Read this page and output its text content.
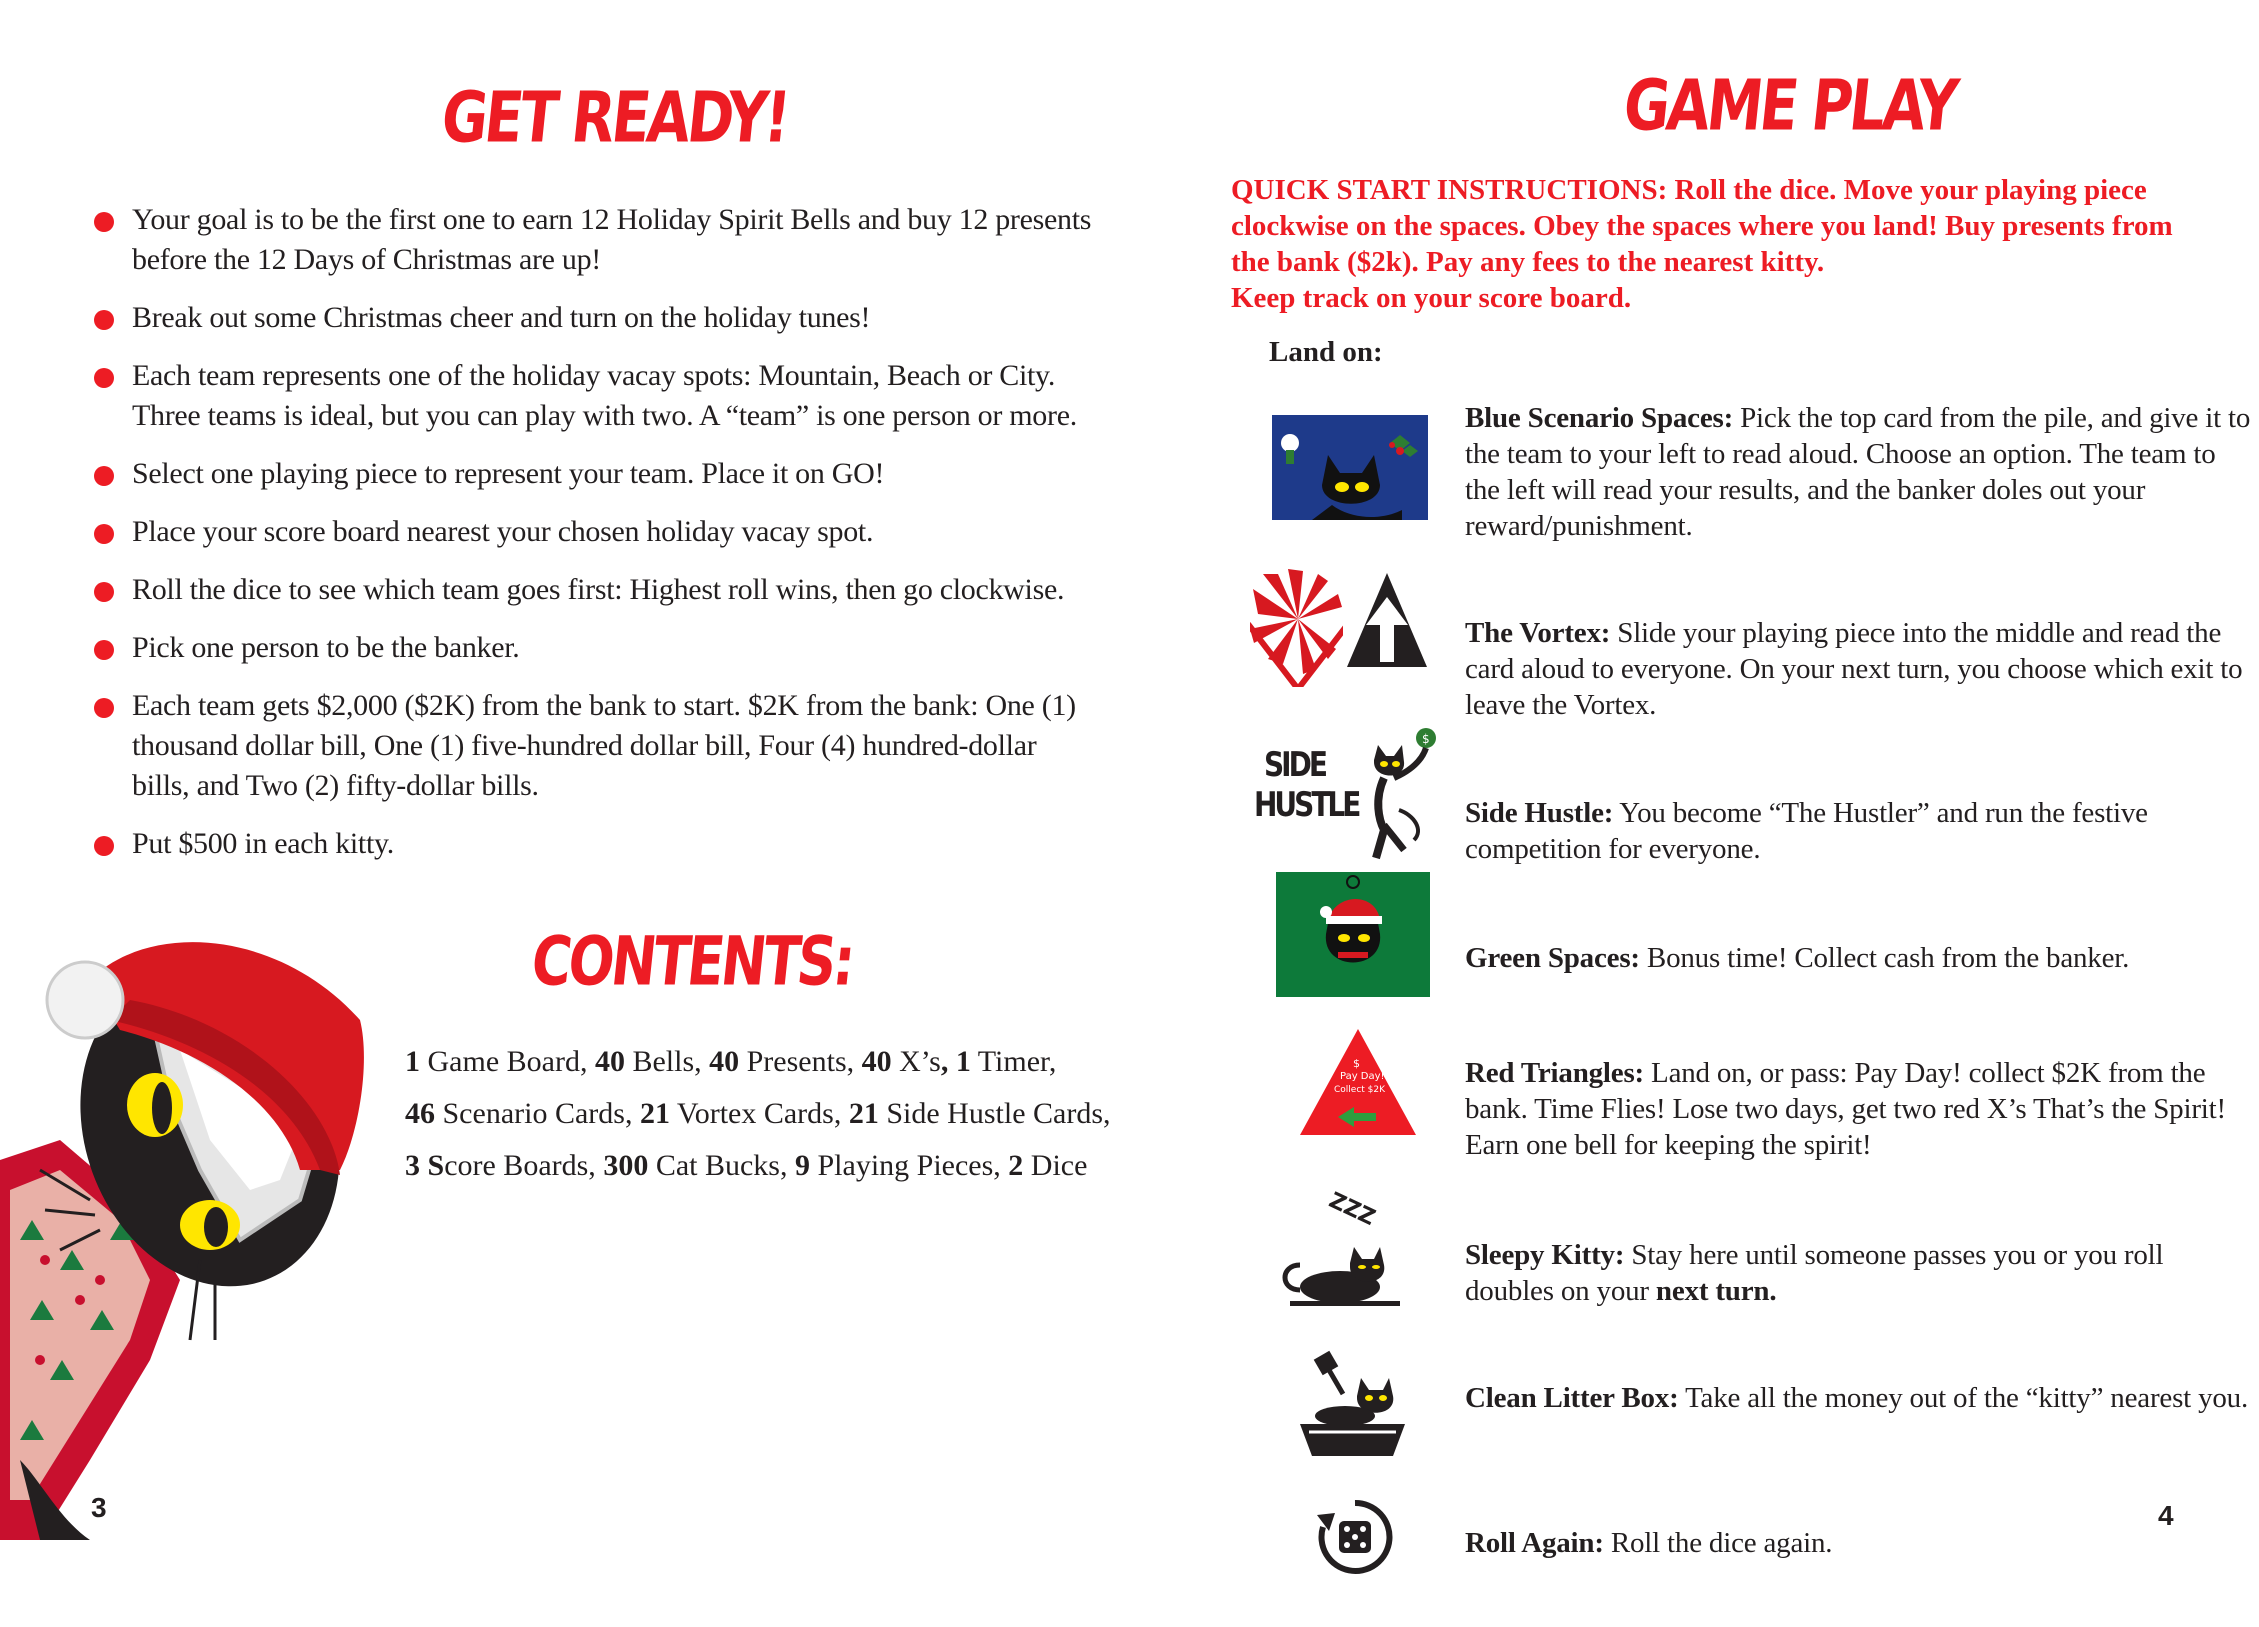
GET READY!
Your goal is to be the first one to earn 12 Holiday Spirit Bells and buy 12 presents before the 12 Days of Christmas are up!
Break out some Christmas cheer and turn on the holiday tunes!
Each team represents one of the holiday vacay spots: Mountain, Beach or City. Three teams is ideal, but you can play with two. A “team” is one person or more.
Select one playing piece to represent your team. Place it on GO!
Place your score board nearest your chosen holiday vacay spot.
Roll the dice to see which team goes first: Highest roll wins, then go clockwise.
Pick one person to be the banker.
Each team gets $2,000 ($2K) from the bank to start. $2K from the bank: One (1) thousand dollar bill, One (1) five-hundred dollar bill, Four (4) hundred-dollar bills, and Two (2) fifty-dollar bills.
Put $500 in each kitty.
CONTENTS:
1 Game Board, 40 Bells, 40 Presents, 40 X’s, 1 Timer,
46 Scenario Cards, 21 Vortex Cards, 21 Side Hustle Cards,
3 Score Boards, 300 Cat Bucks, 9 Playing Pieces, 2 Dice
3
GAME PLAY
QUICK START INSTRUCTIONS: Roll the dice. Move your playing piece clockwise on the spaces. Obey the spaces where you land! Buy presents from the bank ($2k). Pay any fees to the nearest kitty.
Keep track on your score board.
Land on:
Blue Scenario Spaces: Pick the top card from the pile, and give it to the team to your left to read aloud. Choose an option. The team to the left will read your results, and the banker doles out your reward/punishment.
The Vortex: Slide your playing piece into the middle and read the card aloud to everyone. On your next turn, you choose which exit to leave the Vortex.
SIDE
HUSTLE
$
Side Hustle: You become “The Hustler” and run the festive competition for everyone.
Green Spaces: Bonus time! Collect cash from the banker.
$
Pay Day!
Collect $2K
Red Triangles: Land on, or pass: Pay Day! collect $2K from the bank. Time Flies! Lose two days, get two red X’s That’s the Spirit! Earn one bell for keeping the spirit!
ZZZ
Sleepy Kitty: Stay here until someone passes you or you roll doubles on your next turn.
Clean Litter Box: Take all the money out of the “kitty” nearest you.
Roll Again: Roll the dice again.
4
